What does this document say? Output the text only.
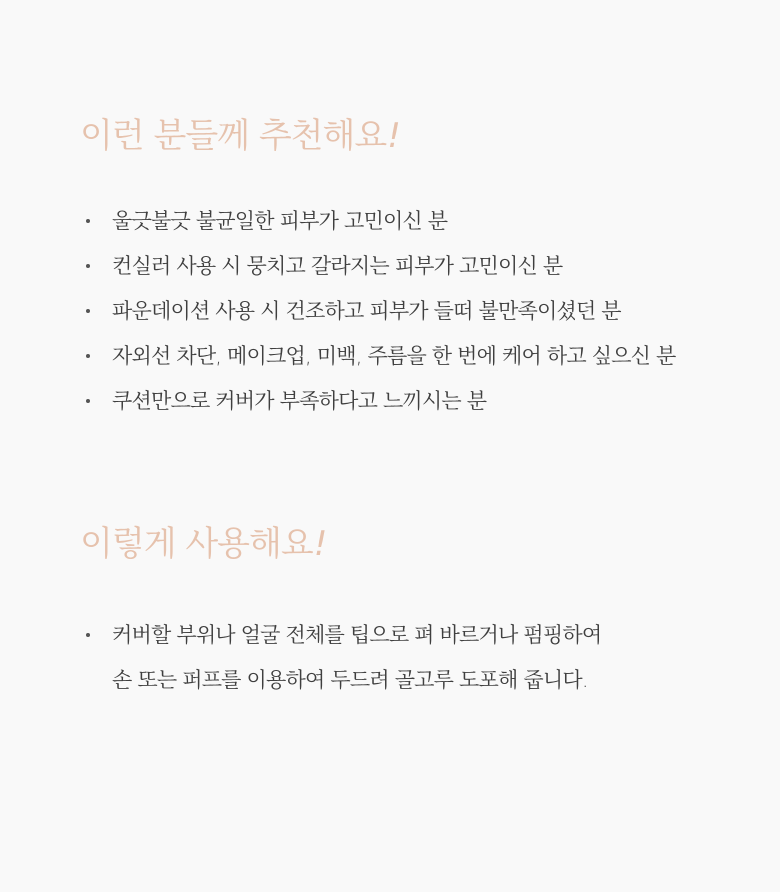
이런 분들께 추천해요!
울긋불긋 불균일한 피부가 고민이신 분
컨실러 사용 시 뭉치고 갈라지는 피부가 고민이신 분
파운데이션 사용 시 건조하고 피부가 들떠 불만족이셨던 분
자외선 차단, 메이크업, 미백, 주름을 한 번에 케어 하고 싶으신 분
쿠션만으로 커버가 부족하다고 느끼시는 분
이렇게 사용해요!
커버할 부위나 얼굴 전체를 팁으로 펴 바르거나 펌핑하여
손 또는 퍼프를 이용하여 두드려 골고루 도포해 줍니다.
